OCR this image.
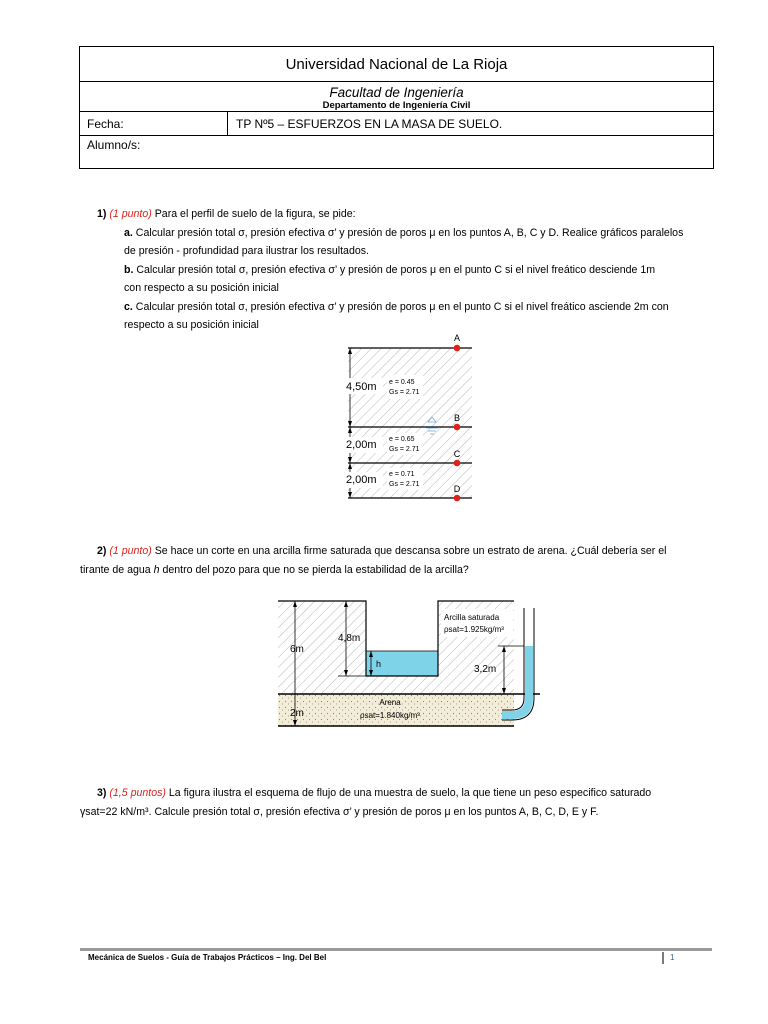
Universidad Nacional de La Rioja
Facultad de Ingeniería
Departamento de Ingeniería Civil
Fecha:	TP Nº5 – ESFUERZOS EN LA MASA DE SUELO.
Alumno/s:
1) (1 punto) Para el perfil de suelo de la figura, se pide:
a. Calcular presión total σ, presión efectiva σ’ y presión de poros μ en los puntos A, B, C y D. Realice gráficos paralelos
de presión - profundidad para ilustrar los resultados.
b. Calcular presión total σ, presión efectiva σ’ y presión de poros μ en el punto C si el nivel freático desciende 1m
con respecto a su posición inicial
c. Calcular presión total σ, presión efectiva σ’ y presión de poros μ en el punto C si el nivel freático asciende 2m con
respecto a su posición inicial
A
B
C
D
4,50m e = 0.45
Gs = 2.71
2,00m e = 0.65
Gs = 2.71
2,00m e = 0.71
Gs = 2.71
2) (1 punto) Se hace un corte en una arcilla firme saturada que descansa sobre un estrato de arena. ¿Cuál debería ser el
tirante de agua h dentro del pozo para que no se pierda la estabilidad de la arcilla?
6m
4,8m
h	3,2m
2m
Arcilla saturada
ρsat=1.925kg/m³
Arena
ρsat=1.840kg/m³
3) (1,5 puntos) La figura ilustra el esquema de flujo de una muestra de suelo, la que tiene un peso especifico saturado
γsat=22 kN/m³. Calcule presión total σ, presión efectiva σ’ y presión de poros μ en los puntos A, B, C, D, E y F.
Mecánica de Suelos - Guía de Trabajos Prácticos – Ing. Del Bel	1
